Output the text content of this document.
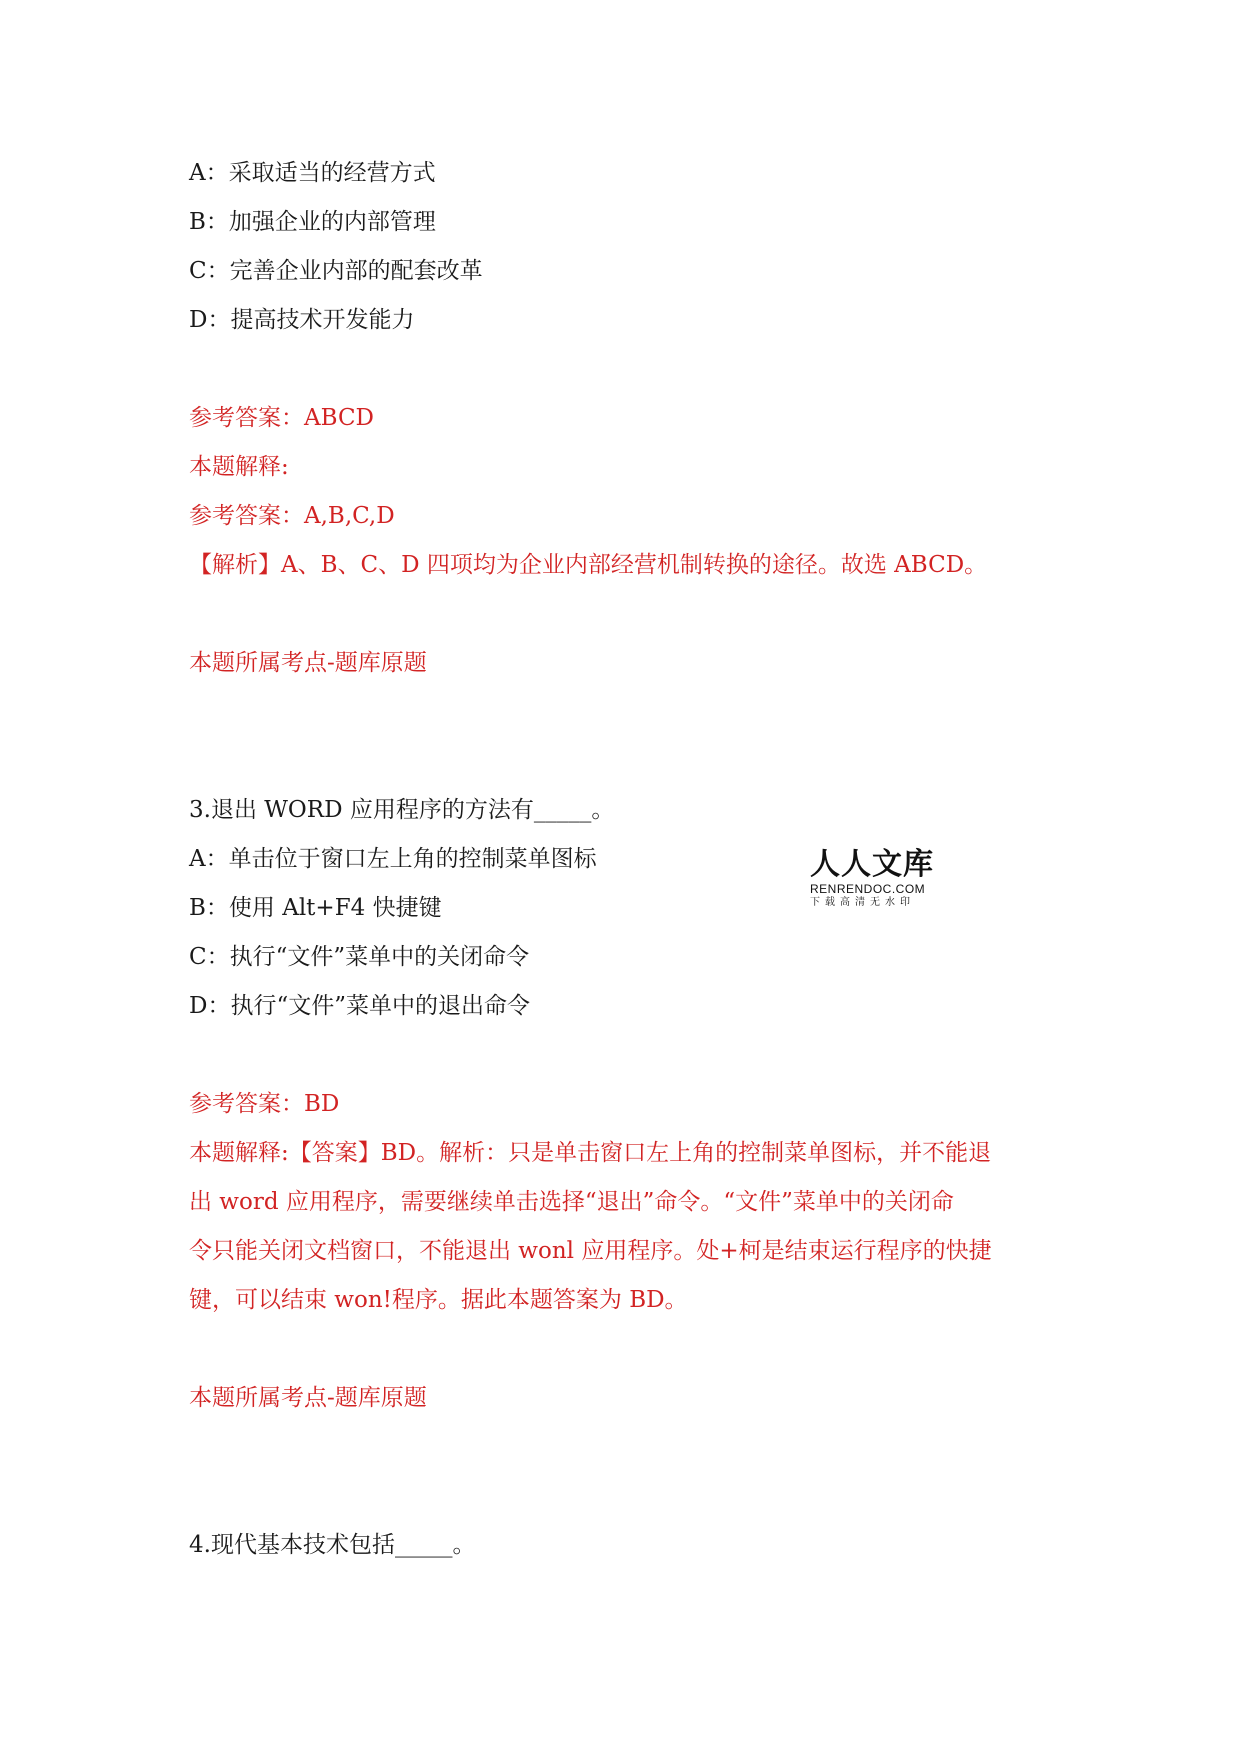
A：采取适当的经营方式
B：加强企业的内部管理
C：完善企业内部的配套改革
D：提高技术开发能力
参考答案：ABCD
本题解释:
参考答案：A,B,C,D
【解析】A、B、C、D 四项均为企业内部经营机制转换的途径。故选 ABCD。
本题所属考点-题库原题
3.退出 WORD 应用程序的方法有_____。
A：单击位于窗口左上角的控制菜单图标
B：使用 Alt+F4 快捷键
C：执行“文件”菜单中的关闭命令
D：执行“文件”菜单中的退出命令
人人文库
RENRENDOC.COM
下载高清无水印
参考答案：BD
本题解释:【答案】BD。解析：只是单击窗口左上角的控制菜单图标，并不能退
出 word 应用程序，需要继续单击选择“退出”命令。“文件”菜单中的关闭命
令只能关闭文档窗口，不能退出 wonl 应用程序。处+柯是结束运行程序的快捷
键，可以结束 won!程序。据此本题答案为 BD。
本题所属考点-题库原题
4.现代基本技术包括_____。
